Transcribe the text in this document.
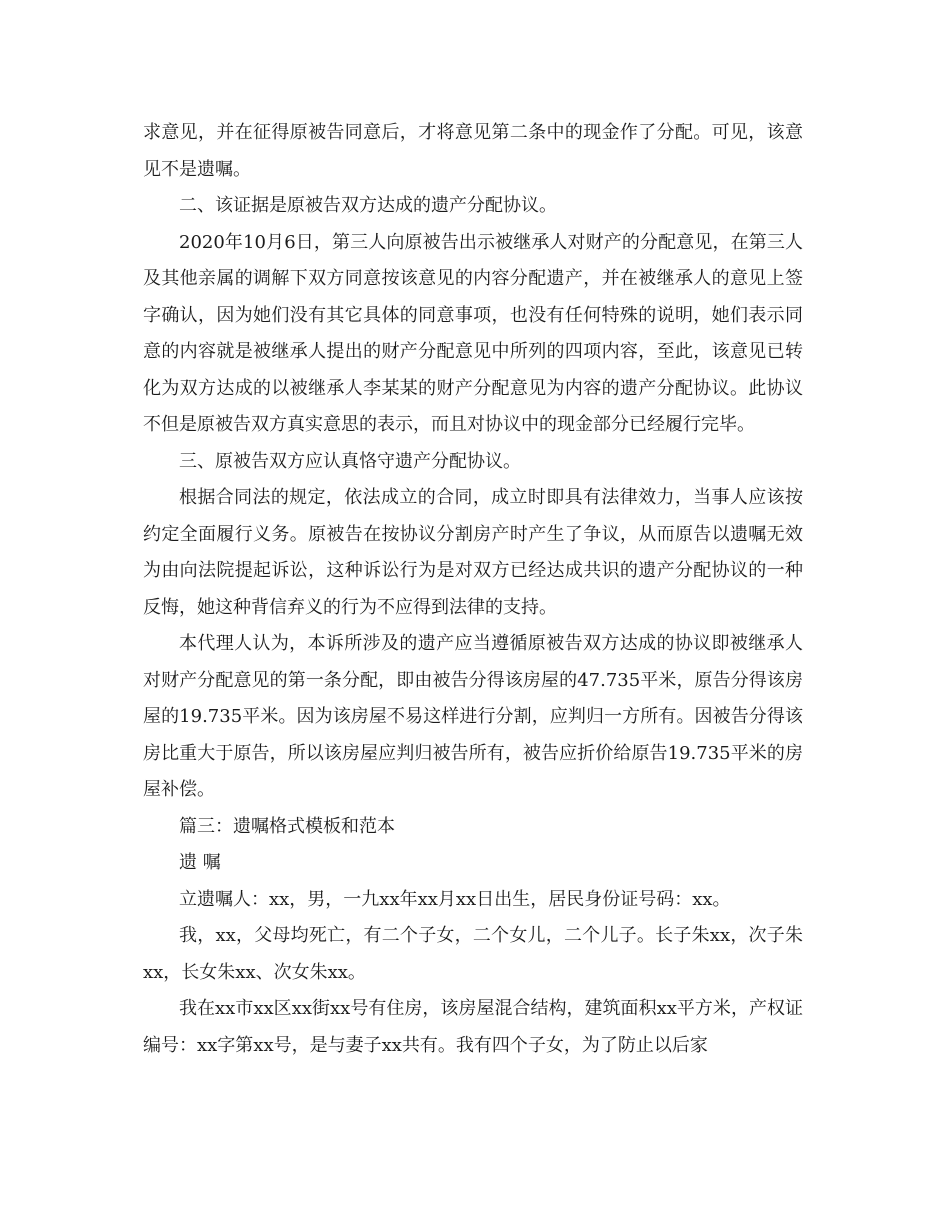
求意见，并在征得原被告同意后，才将意见第二条中的现金作了分配。可见，该意见不是遗嘱。

二、该证据是原被告双方达成的遗产分配协议。

2020年10月6日，第三人向原被告出示被继承人对财产的分配意见，在第三人及其他亲属的调解下双方同意按该意见的内容分配遗产，并在被继承人的意见上签字确认，因为她们没有其它具体的同意事项，也没有任何特殊的说明，她们表示同意的内容就是被继承人提出的财产分配意见中所列的四项内容，至此，该意见已转化为双方达成的以被继承人李某某的财产分配意见为内容的遗产分配协议。此协议不但是原被告双方真实意思的表示，而且对协议中的现金部分已经履行完毕。

三、原被告双方应认真恪守遗产分配协议。

根据合同法的规定，依法成立的合同，成立时即具有法律效力，当事人应该按约定全面履行义务。原被告在按协议分割房产时产生了争议，从而原告以遗嘱无效为由向法院提起诉讼，这种诉讼行为是对双方已经达成共识的遗产分配协议的一种反悔，她这种背信弃义的行为不应得到法律的支持。

本代理人认为，本诉所涉及的遗产应当遵循原被告双方达成的协议即被继承人对财产分配意见的第一条分配，即由被告分得该房屋的47.735平米，原告分得该房屋的19.735平米。因为该房屋不易这样进行分割，应判归一方所有。因被告分得该房比重大于原告，所以该房屋应判归被告所有，被告应折价给原告19.735平米的房屋补偿。

篇三：遗嘱格式模板和范本

遗 嘱

立遗嘱人：xx，男，一九xx年xx月xx日出生，居民身份证号码：xx。

我，xx，父母均死亡，有二个子女，二个女儿，二个儿子。长子朱xx，次子朱xx，长女朱xx、次女朱xx。

我在xx市xx区xx街xx号有住房，该房屋混合结构，建筑面积xx平方米，产权证编号：xx字第xx号，是与妻子xx共有。我有四个子女，为了防止以后家
